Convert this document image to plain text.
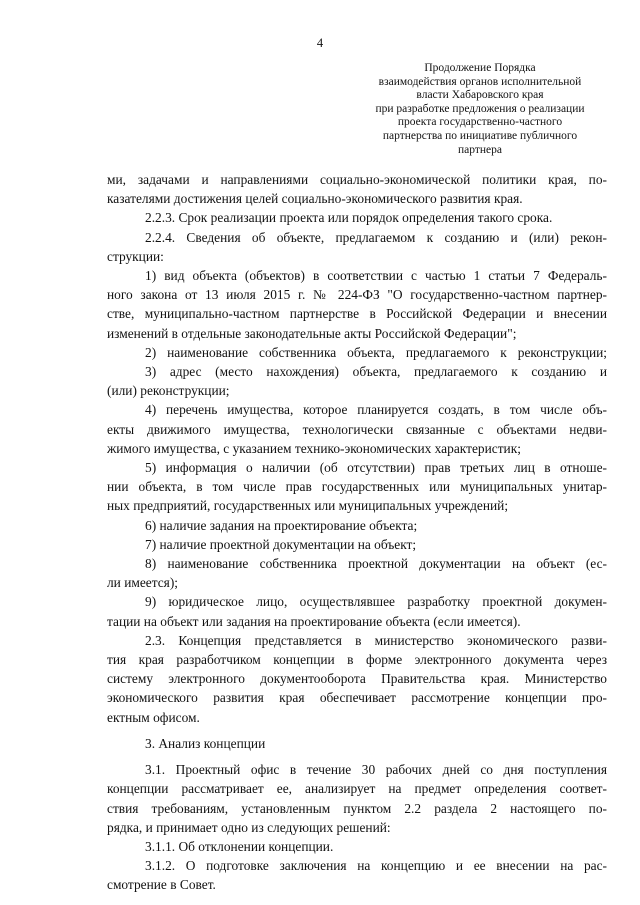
4
Продолжение Порядка
взаимодействия органов исполнительной
власти Хабаровского края
при разработке предложения о реализации
проекта государственно-частного
партнерства по инициативе публичного
партнера

ми, задачами и направлениями социально-экономической политики края, по-

казателями достижения целей социально-экономического развития края.

2.2.3. Срок реализации проекта или порядок определения такого срока.

2.2.4. Сведения об объекте, предлагаемом к созданию и (или) рекон-

струкции:

1) вид объекта (объектов) в соответствии с частью 1 статьи 7 Федераль-

ного закона от 13 июля 2015 г. № 224-ФЗ "О государственно-частном партнер-

стве, муниципально-частном партнерстве в Российской Федерации и внесении

изменений в отдельные законодательные акты Российской Федерации";

2) наименование собственника объекта, предлагаемого к реконструкции;

3) адрес (место нахождения) объекта, предлагаемого к созданию и

(или) реконструкции;

4) перечень имущества, которое планируется создать, в том числе объ-

екты движимого имущества, технологически связанные с объектами недви-

жимого имущества, с указанием технико-экономических характеристик;

5) информация о наличии (об отсутствии) прав третьих лиц в отноше-

нии объекта, в том числе прав государственных или муниципальных унитар-

ных предприятий, государственных или муниципальных учреждений;

6) наличие задания на проектирование объекта;

7) наличие проектной документации на объект;

8) наименование собственника проектной документации на объект (ес-

ли имеется);

9) юридическое лицо, осуществлявшее разработку проектной докумен-

тации на объект или задания на проектирование объекта (если имеется).

2.3. Концепция представляется в министерство экономического разви-

тия края разработчиком концепции в форме электронного документа через

систему электронного документооборота Правительства края. Министерство

экономического развития края обеспечивает рассмотрение концепции про-

ектным офисом.

3. Анализ концепции

3.1. Проектный офис в течение 30 рабочих дней со дня поступления

концепции рассматривает ее, анализирует на предмет определения соответ-

ствия требованиям, установленным пунктом 2.2 раздела 2 настоящего по-

рядка, и принимает одно из следующих решений:

3.1.1. Об отклонении концепции.

3.1.2. О подготовке заключения на концепцию и ее внесении на рас-

смотрение в Совет.
